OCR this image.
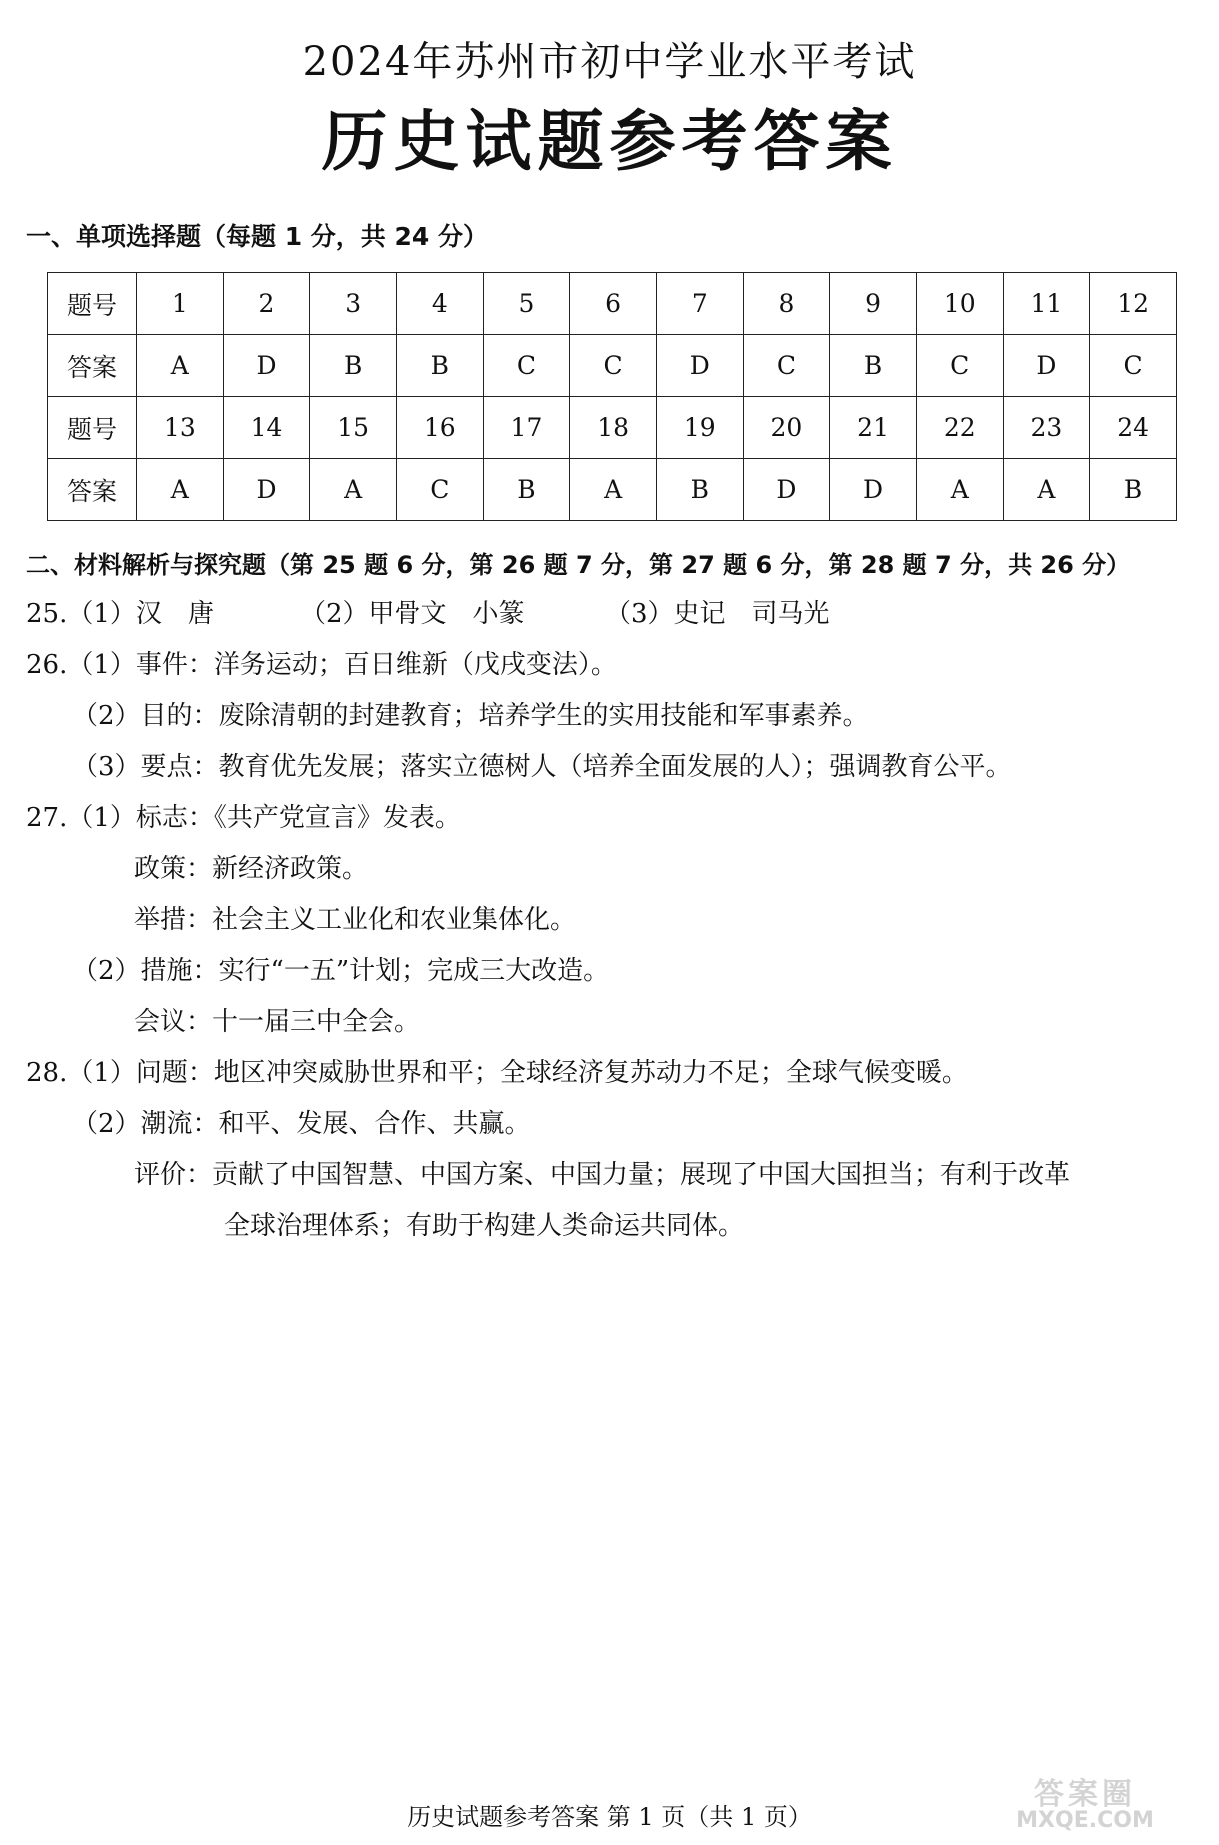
2024年苏州市初中学业水平考试
历史试题参考答案
一、单项选择题（每题 1 分，共 24 分）
题号	1	2	3	4	5	6	7	8	9	10	11	12
答案	A	D	B	B	C	C	D	C	B	C	D	C
题号	13	14	15	16	17	18	19	20	21	22	23	24
答案	A	D	A	C	B	A	B	D	D	A	A	B
二、材料解析与探究题（第 25 题 6 分，第 26 题 7 分，第 27 题 6 分，第 28 题 7 分，共 26 分）
25.（1）汉　唐	（2）甲骨文　小篆	（3）史记　司马光
26.（1）事件：洋务运动；百日维新（戊戌变法）。
（2）目的：废除清朝的封建教育；培养学生的实用技能和军事素养。
（3）要点：教育优先发展；落实立德树人（培养全面发展的人）；强调教育公平。
27.（1）标志：《共产党宣言》发表。
政策：新经济政策。
举措：社会主义工业化和农业集体化。
（2）措施：实行“一五”计划；完成三大改造。
会议：十一届三中全会。
28.（1）问题：地区冲突威胁世界和平；全球经济复苏动力不足；全球气候变暖。
（2）潮流：和平、发展、合作、共赢。
评价：贡献了中国智慧、中国方案、中国力量；展现了中国大国担当；有利于改革
全球治理体系；有助于构建人类命运共同体。
历史试题参考答案 第 1 页（共 1 页）
答案圈
MXQE.COM
